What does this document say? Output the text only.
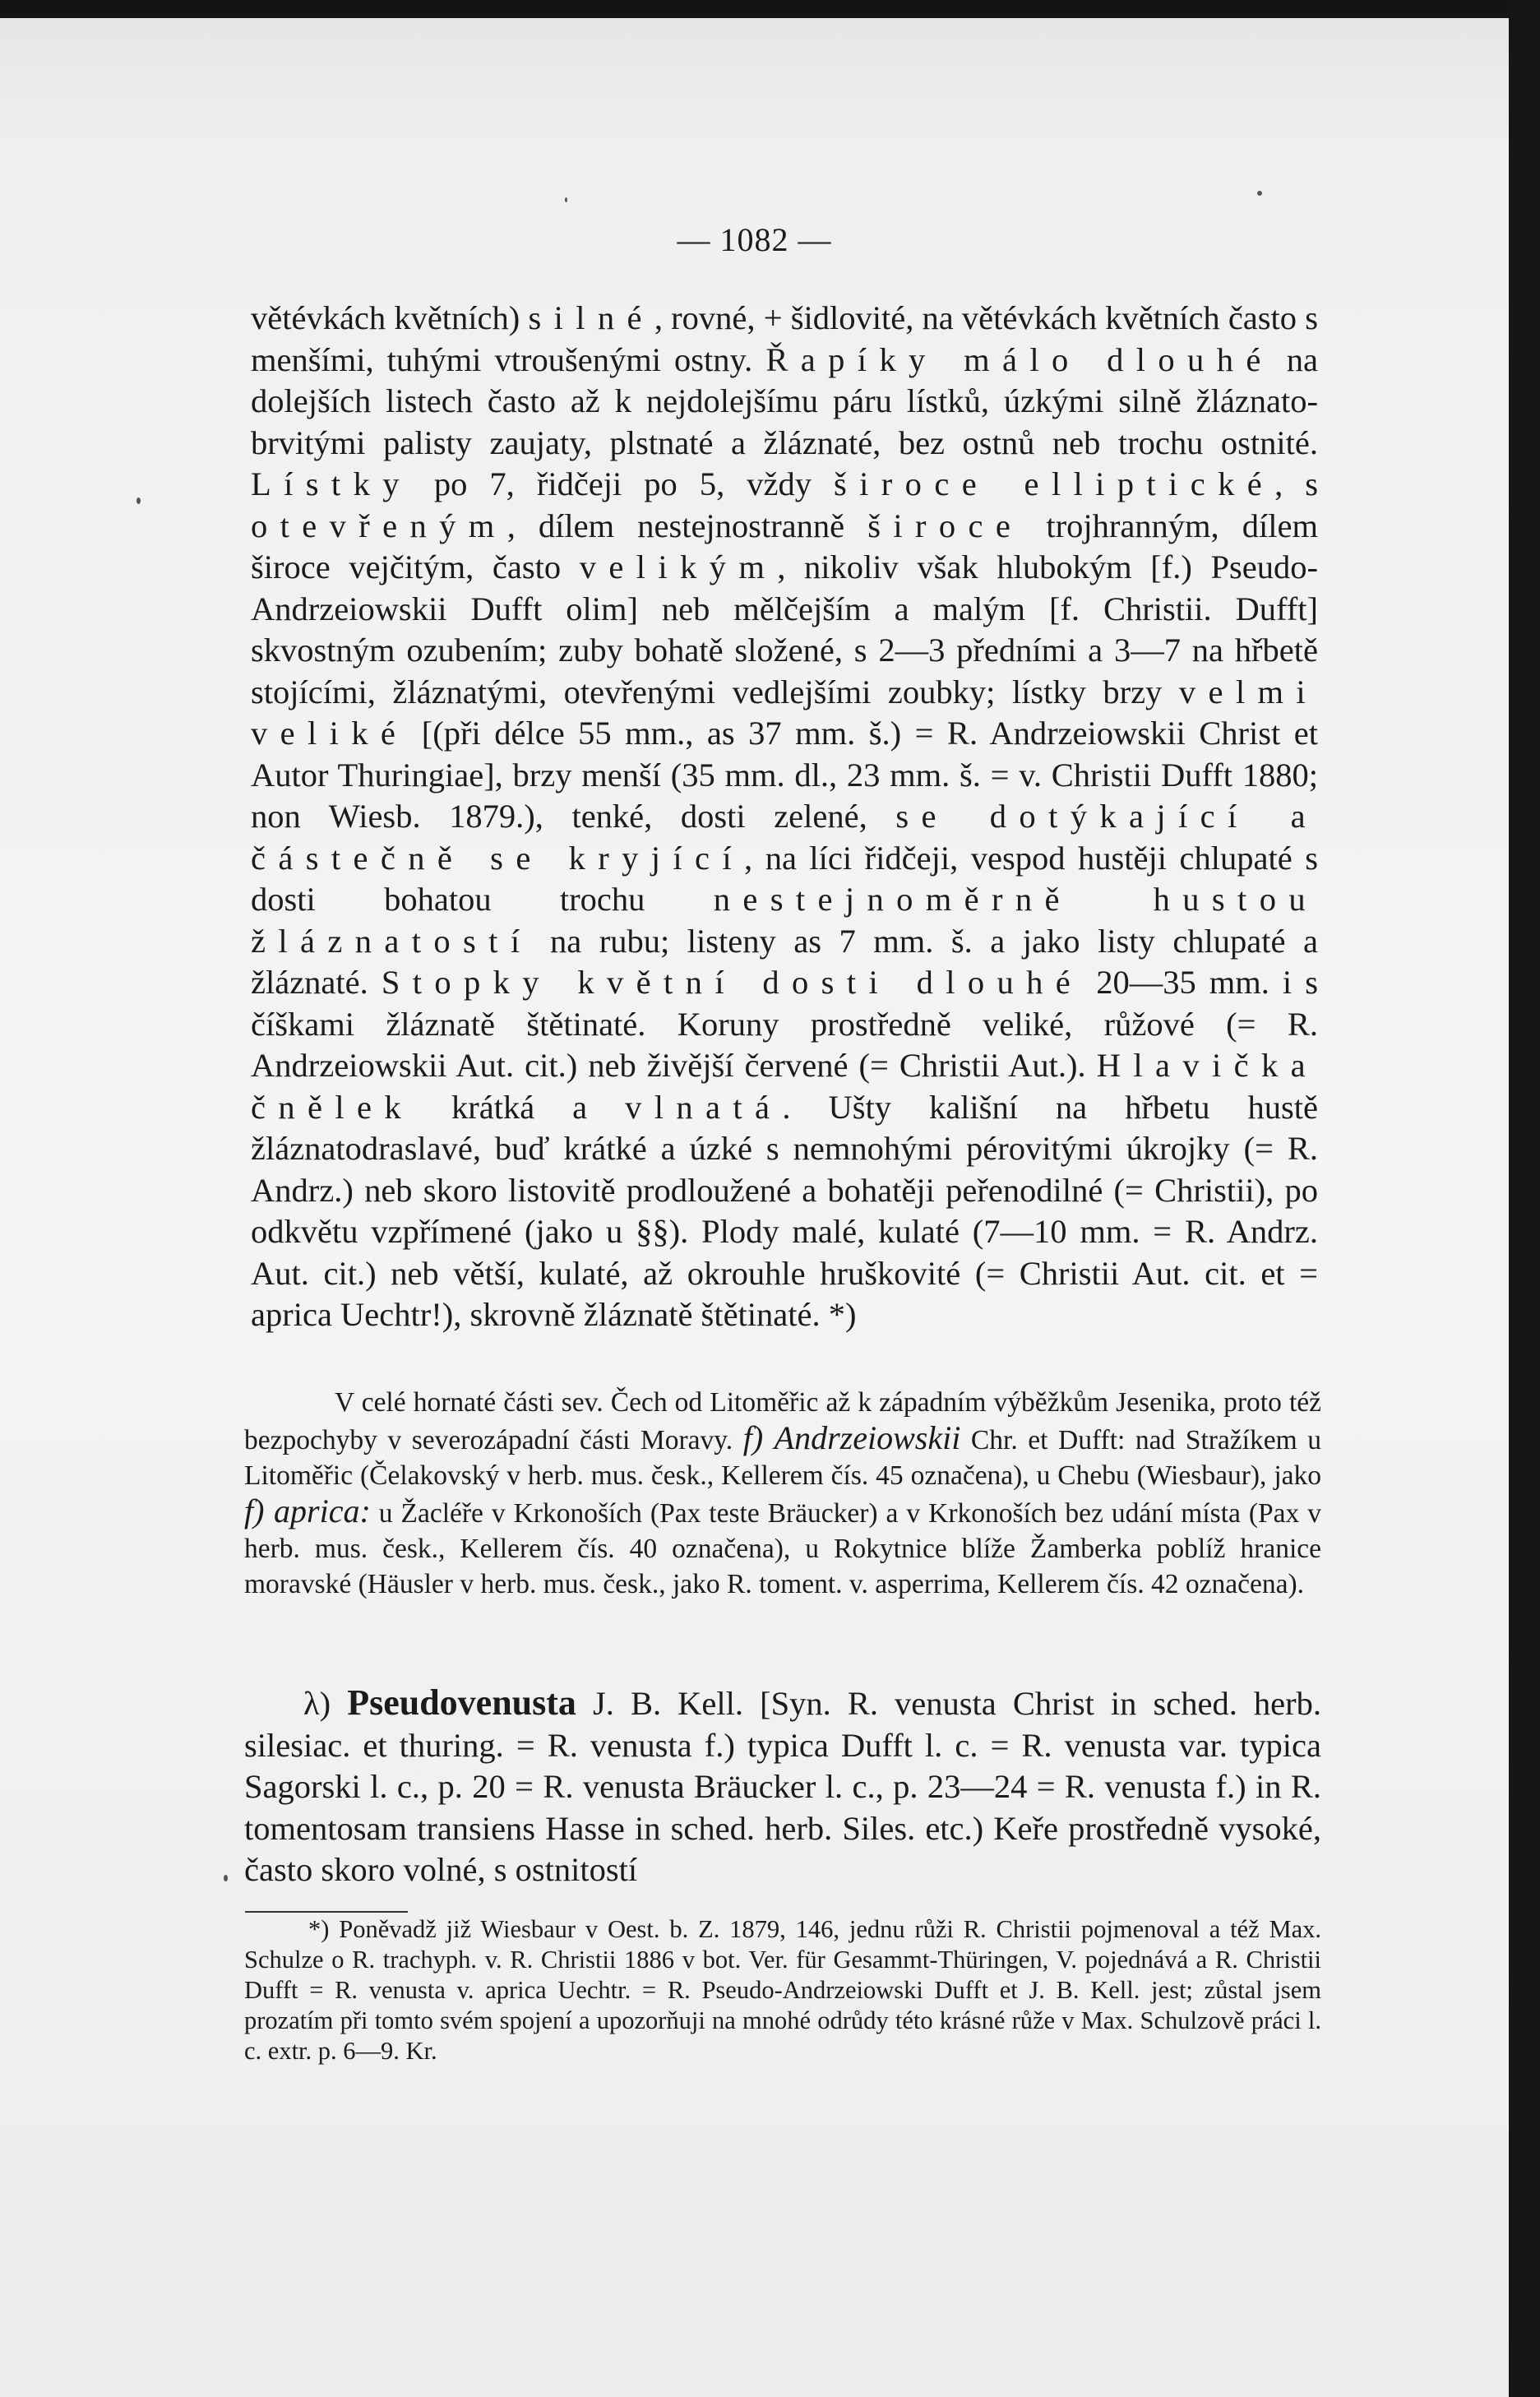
— 1082 —

větévkách květních) silné, rovné, + šidlovité, na větévkách květních často s menšími, tuhými vtroušenými ostny. Řapíky málo dlouhé na dolejších listech často až k nejdolejšímu páru lístků, úzkými silně žláznato-brvitými palisty zaujaty, plstnaté a žláznaté, bez ostnů neb trochu ostnité. Lístky po 7, řidčeji po 5, vždy široce elliptické, s otevřeným, dílem nestejnostranně široce trojhranným, dílem široce vejčitým, často velikým, nikoliv však hlubokým [f.) Pseudo-Andrzeiowskii Dufft olim] neb mělčejším a malým [f. Christii. Dufft] skvostným ozubením; zuby bohatě složené, s 2—3 předními a 3—7 na hřbetě stojícími, žláznatými, otevřenými vedlejšími zoubky; lístky brzy velmi veliké [(při délce 55 mm., as 37 mm. š.) = R. Andrzeiowskii Christ et Autor Thuringiae], brzy menší (35 mm. dl., 23 mm. š. = v. Christii Dufft 1880; non Wiesb. 1879.), tenké, dosti zelené, se dotýkající a částečně se kryjící, na líci řidčeji, vespod hustěji chlupaté s dosti bohatou trochu nestejnoměrně hustou žláznatostí na rubu; listeny as 7 mm. š. a jako listy chlupaté a žláznaté. Stopky květní dosti dlouhé 20—35 mm. i s číškami žláznatě štětinaté. Koruny prostředně veliké, růžové (= R. Andrzeiowskii Aut. cit.) neb živější červené (= Christii Aut.). Hlavička čnělek krátká a vlnatá. Ušty kališní na hřbetu hustě žláznatodraslavé, buď krátké a úzké s nemnohými pérovitými úkrojky (= R. Andrz.) neb skoro listovitě prodloužené a bohatěji peřenodilné (= Christii), po odkvětu vzpřímené (jako u §§). Plody malé, kulaté (7—10 mm. = R. Andrz. Aut. cit.) neb větší, kulaté, až okrouhle hruškovité (= Christii Aut. cit. et = aprica Uechtr!), skrovně žláznatě štětinaté. *)

V celé hornaté části sev. Čech od Litoměřic až k západním výběžkům Jesenika, proto též bezpochyby v severozápadní části Moravy. f) Andrzeiowskii Chr. et Dufft: nad Stražíkem u Litoměřic (Čelakovský v herb. mus. česk., Kellerem čís. 45 označena), u Chebu (Wiesbaur), jako f) aprica: u Žacléře v Krkonoších (Pax teste Bräucker) a v Krkonoších bez udání místa (Pax v herb. mus. česk., Kellerem čís. 40 označena), u Rokytnice blíže Žamberka poblíž hranice moravské (Häusler v herb. mus. česk., jako R. toment. v. asperrima, Kellerem čís. 42 označena).

λ) Pseudovenusta J. B. Kell. [Syn. R. venusta Christ in sched. herb. silesiac. et thuring. = R. venusta f.) typica Dufft l. c. = R. venusta var. typica Sagorski l. c., p. 20 = R. venusta Bräucker l. c., p. 23—24 = R. venusta f.) in R. tomentosam transiens Hasse in sched. herb. Siles. etc.) Keře prostředně vysoké, často skoro volné, s ostnitostí

*) Poněvadž již Wiesbaur v Oest. b. Z. 1879, 146, jednu růži R. Christii pojmenoval a též Max. Schulze o R. trachyph. v. R. Christii 1886 v bot. Ver. für Gesammt-Thüringen, V. pojednává a R. Christii Dufft = R. venusta v. aprica Uechtr. = R. Pseudo-Andrzeiowski Dufft et J. B. Kell. jest; zůstal jsem prozatím při tomto svém spojení a upozorňuji na mnohé odrůdy této krásné růže v Max. Schulzově práci l. c. extr. p. 6—9. Kr.
